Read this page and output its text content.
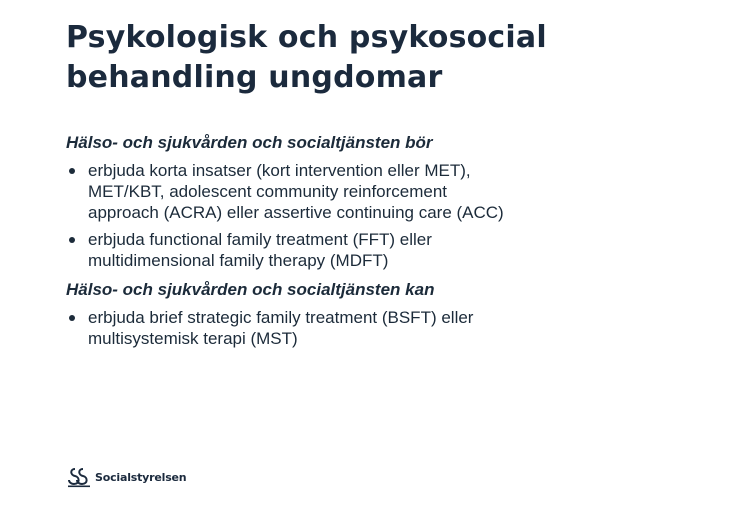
Psykologisk och psykosocial
behandling ungdomar

Hälso- och sjukvården och socialtjänsten bör

erbjuda korta insatser (kort intervention eller MET),
MET/KBT, adolescent community reinforcement
approach (ACRA) eller assertive continuing care (ACC)
erbjuda functional family treatment (FFT) eller
multidimensional family therapy (MDFT)

Hälso- och sjukvården och socialtjänsten kan

erbjuda brief strategic family treatment (BSFT) eller
multisystemisk terapi (MST)
Socialstyrelsen
